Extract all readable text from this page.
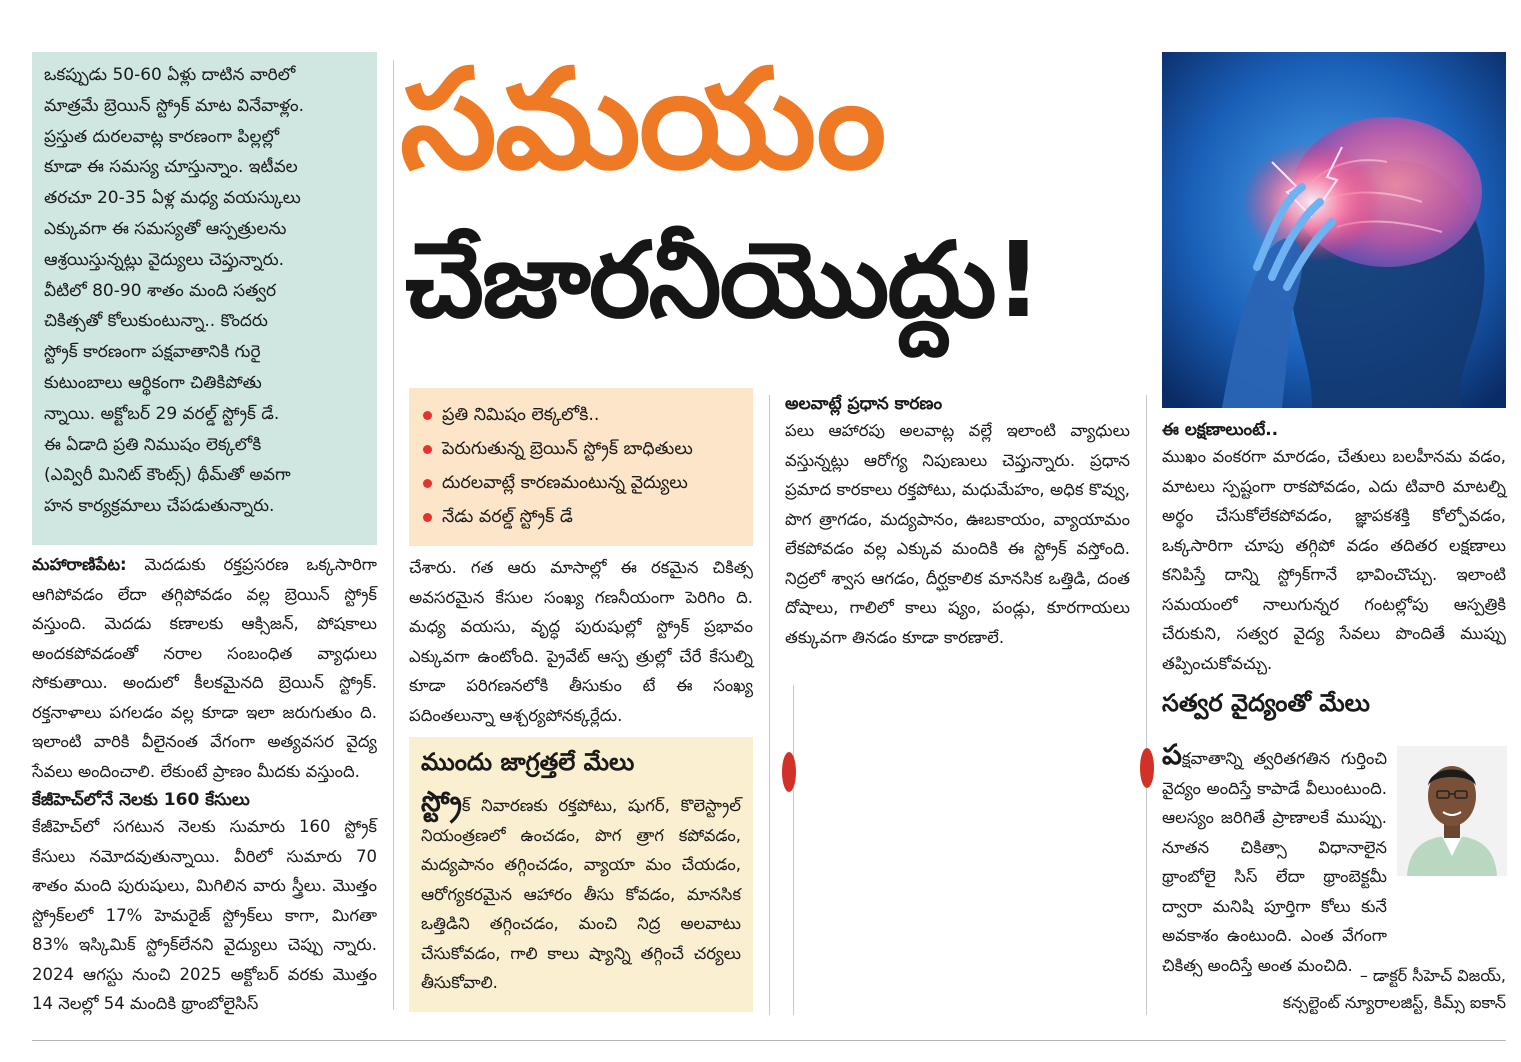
ఒకప్పుడు 50-60 ఏళ్లు దాటిన వారిలో
మాత్రమే బ్రెయిన్ స్ట్రోక్ మాట వినేవాళ్లం.
ప్రస్తుత దురలవాట్ల కారణంగా పిల్లల్లో
కూడా ఈ సమస్య చూస్తున్నాం. ఇటీవల
తరచూ 20-35 ఏళ్ల మధ్య వయస్కులు
ఎక్కువగా ఈ సమస్యతో ఆస్పత్రులను
ఆశ్రయిస్తున్నట్లు వైద్యులు చెప్తున్నారు.
వీటిలో 80-90 శాతం మంది సత్వర
చికిత్సతో కోలుకుంటున్నా.. కొందరు
స్ట్రోక్ కారణంగా పక్షవాతానికి గురై
కుటుంబాలు ఆర్థికంగా చితికిపోతు
న్నాయి. అక్టోబర్ 29 వరల్డ్ స్ట్రోక్ డే.
ఈ ఏడాది ప్రతి నిముషం లెక్కలోకి
(ఎవ్విరీ మినిట్ కౌంట్స్) థీమ్‌తో అవగా
హన కార్యక్రమాలు చేపడుతున్నారు.

సమయం
చేజారనీయొద్దు!
ప్రతి నిమిషం లెక్కలోకి..
పెరుగుతున్న బ్రెయిన్ స్ట్రోక్ బాధితులు
దురలవాట్లే కారణమంటున్న వైద్యులు
నేడు వరల్డ్ స్ట్రోక్ డే

మహారాణిపేట: మెదడుకు రక్తప్రసరణ ఒక్కసారిగా ఆగిపోవడం లేదా తగ్గిపోవడం వల్ల బ్రెయిన్ స్ట్రోక్ వస్తుంది. మెదడు కణాలకు ఆక్సిజన్, పోషకాలు అందకపోవడంతో నరాల సంబంధిత వ్యాధులు సోకుతాయి. అందులో కీలకమైనది బ్రెయిన్ స్ట్రోక్. రక్తనాళాలు పగలడం వల్ల కూడా ఇలా జరుగుతుం ది. ఇలాంటి వారికి వీలైనంత వేగంగా అత్యవసర వైద్య సేవలు అందించాలి. లేకుంటే ప్రాణం మీదకు వస్తుంది.

కేజీహెచ్‌లోనే నెలకు 160 కేసులు

కేజీహెచ్‌లో సగటున నెలకు సుమారు 160 స్ట్రోక్ కేసులు నమోదవుతున్నాయి. వీరిలో సుమారు 70 శాతం మంది పురుషులు, మిగిలిన వారు స్త్రీలు. మొత్తం స్ట్రోక్‌లలో 17% హెమరైజ్ స్ట్రోక్‌లు కాగా, మిగతా 83% ఇస్కిమిక్ స్ట్రోక్‌లేనని వైద్యులు చెప్పు న్నారు. 2024 ఆగస్టు నుంచి 2025 అక్టోబర్ వరకు మొత్తం 14 నెలల్లో 54 మందికి థ్రాంబోలైసిస్

చేశారు. గత ఆరు మాసాల్లో ఈ రకమైన చికిత్స అవసరమైన కేసుల సంఖ్య గణనీయంగా పెరిగిం ది. మధ్య వయసు, వృద్ధ పురుషుల్లో స్ట్రోక్ ప్రభావం ఎక్కువగా ఉంటోంది. ప్రైవేట్ ఆస్ప త్రుల్లో చేరే కేసుల్ని కూడా పరిగణనలోకి తీసుకుం టే ఈ సంఖ్య పదింతలున్నా ఆశ్చర్యపోనక్కర్లేదు.

ముందు జాగ్రత్తలే మేలు

స్ట్రోక్ నివారణకు రక్తపోటు, షుగర్, కొలెస్ట్రాల్ నియంత్రణలో ఉంచడం, పొగ త్రాగ కపోవడం, మద్యపానం తగ్గించడం, వ్యాయా మం చేయడం, ఆరోగ్యకరమైన ఆహారం తీసు కోవడం, మానసిక ఒత్తిడిని తగ్గించడం, మంచి నిద్ర అలవాటు చేసుకోవడం, గాలి కాలు ష్యాన్ని తగ్గించే చర్యలు తీసుకోవాలి.

అలవాట్లే ప్రధాన కారణం

పలు ఆహారపు అలవాట్ల వల్లే ఇలాంటి వ్యాధులు వస్తున్నట్లు ఆరోగ్య నిపుణులు చెప్తున్నారు. ప్రధాన ప్రమాద కారకాలు రక్తపోటు, మధుమేహం, అధిక కొవ్వు, పొగ త్రాగడం, మద్యపానం, ఊబకాయం, వ్యాయామం లేకపోవడం వల్ల ఎక్కువ మందికి ఈ స్ట్రోక్ వస్తోంది. నిద్రలో శ్వాస ఆగడం, దీర్ఘకాలిక మానసిక ఒత్తిడి, దంత దోషాలు, గాలిలో కాలు ష్యం, పండ్లు, కూరగాయలు తక్కువగా తినడం కూడా కారణాలే.

ఈ లక్షణాలుంటే..

ముఖం వంకరగా మారడం, చేతులు బలహీనమ వడం, మాటలు స్పష్టంగా రాకపోవడం, ఎదు టివారి మాటల్ని అర్థం చేసుకోలేకపోవడం, జ్ఞాపకశక్తి కోల్పోవడం, ఒక్కసారిగా చూపు తగ్గిపో వడం తదితర లక్షణాలు కనిపిస్తే దాన్ని స్ట్రోక్‌గానే భావించొచ్చు. ఇలాంటి సమయంలో నాలుగున్నర గంటల్లోపు ఆస్పత్రికి చేరుకుని, సత్వర వైద్య సేవలు పొందితే ముప్పు తప్పించుకోవచ్చు.

సత్వర వైద్యంతో మేలు

పక్షవాతాన్ని త్వరితగతిన గుర్తించి వైద్యం అందిస్తే కాపాడే వీలుంటుంది. ఆలస్యం జరిగితే ప్రాణాలకే ముప్పు. నూతన చికిత్సా విధానాలైన థ్రాంబోలై సిస్ లేదా థ్రాంబెక్టమీ ద్వారా మనిషి పూర్తిగా కోలు కునే అవకాశం ఉంటుంది. ఎంత వేగంగా చికిత్స అందిస్తే అంత మంచిది.

– డాక్టర్ సీహెచ్ విజయ్,

కన్సల్టెంట్ న్యూరాలజిస్ట్, కిమ్స్ ఐకాన్
